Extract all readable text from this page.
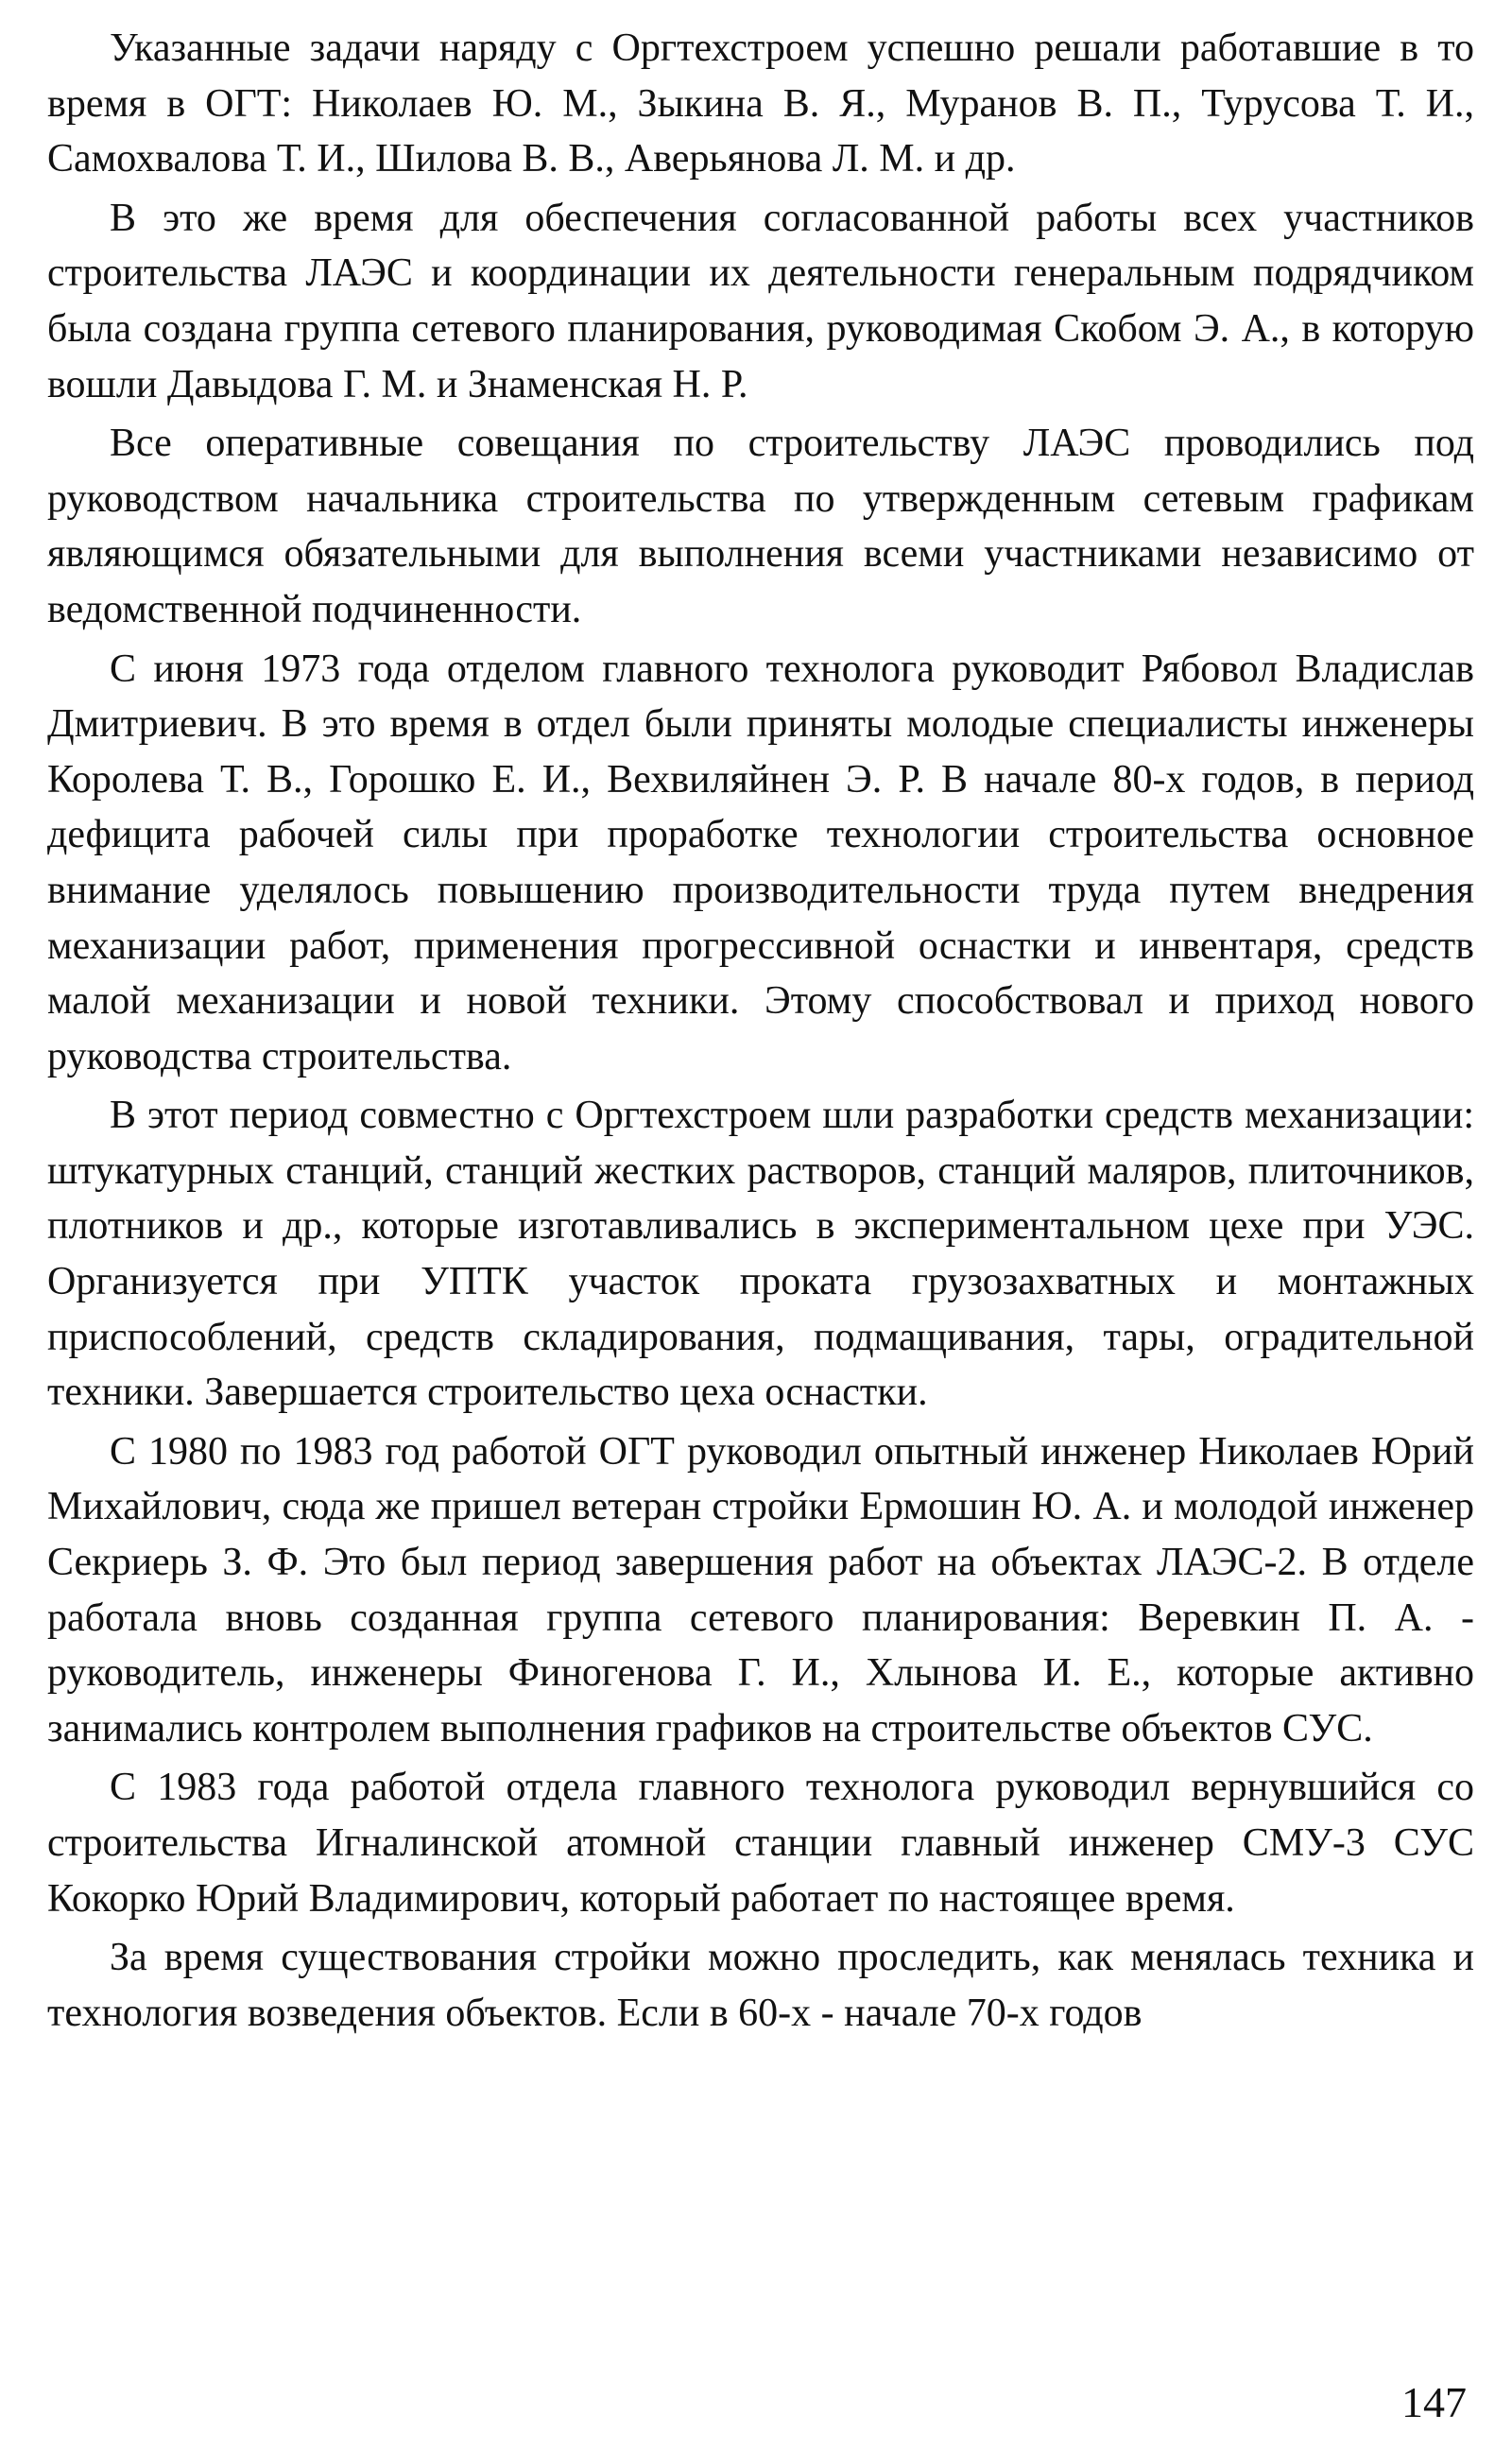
Указанные задачи наряду с Оргтехстроем успешно решали работавшие в то время в ОГТ: Николаев Ю. М., Зыкина В. Я., Муранов В. П., Турусова Т. И., Самохвалова Т. И., Шилова В. В., Аверьянова Л. М. и др.

В это же время для обеспечения согласованной работы всех участников строительства ЛАЭС и координации их деятельности генеральным подрядчиком была создана группа сетевого планирования, руководимая Скобом Э. А., в которую вошли Давыдова Г. М. и Знаменская Н. Р.

Все оперативные совещания по строительству ЛАЭС проводились под руководством начальника строительства по утвержденным сетевым графикам являющимся обязательными для выполнения всеми участниками независимо от ведомственной подчиненности.

С июня 1973 года отделом главного технолога руководит Рябовол Владислав Дмитриевич. В это время в отдел были приняты молодые специалисты инженеры Королева Т. В., Горошко Е. И., Вехвиляйнен Э. Р. В начале 80-х годов, в период дефицита рабочей силы при проработке технологии строительства основное внимание уделялось повышению производительности труда путем внедрения механизации работ, применения прогрессивной оснастки и инвентаря, средств малой механизации и новой техники. Этому способствовал и приход нового руководства строительства.

В этот период совместно с Оргтехстроем шли разработки средств механизации: штукатурных станций, станций жестких растворов, станций маляров, плиточников, плотников и др., которые изготавливались в экспериментальном цехе при УЭС. Организуется при УПТК участок проката грузозахватных и монтажных приспособлений, средств складирования, подмащивания, тары, оградительной техники. Завершается строительство цеха оснастки.

С 1980 по 1983 год работой ОГТ руководил опытный инженер Николаев Юрий Михайлович, сюда же пришел ветеран стройки Ермошин Ю. А. и молодой инженер Секриерь З. Ф. Это был период завершения работ на объектах ЛАЭС-2. В отделе работала вновь созданная группа сетевого планирования: Веревкин П. А. - руководитель, инженеры Финогенова Г. И., Хлынова И. Е., которые активно занимались контролем выполнения графиков на строительстве объектов СУС.

С 1983 года работой отдела главного технолога руководил вернувшийся со строительства Игналинской атомной станции главный инженер СМУ-3 СУС Кокорко Юрий Владимирович, который работает по настоящее время.

За время существования стройки можно проследить, как менялась техника и технология возведения объектов. Если в 60-х - начале 70-х годов

147
